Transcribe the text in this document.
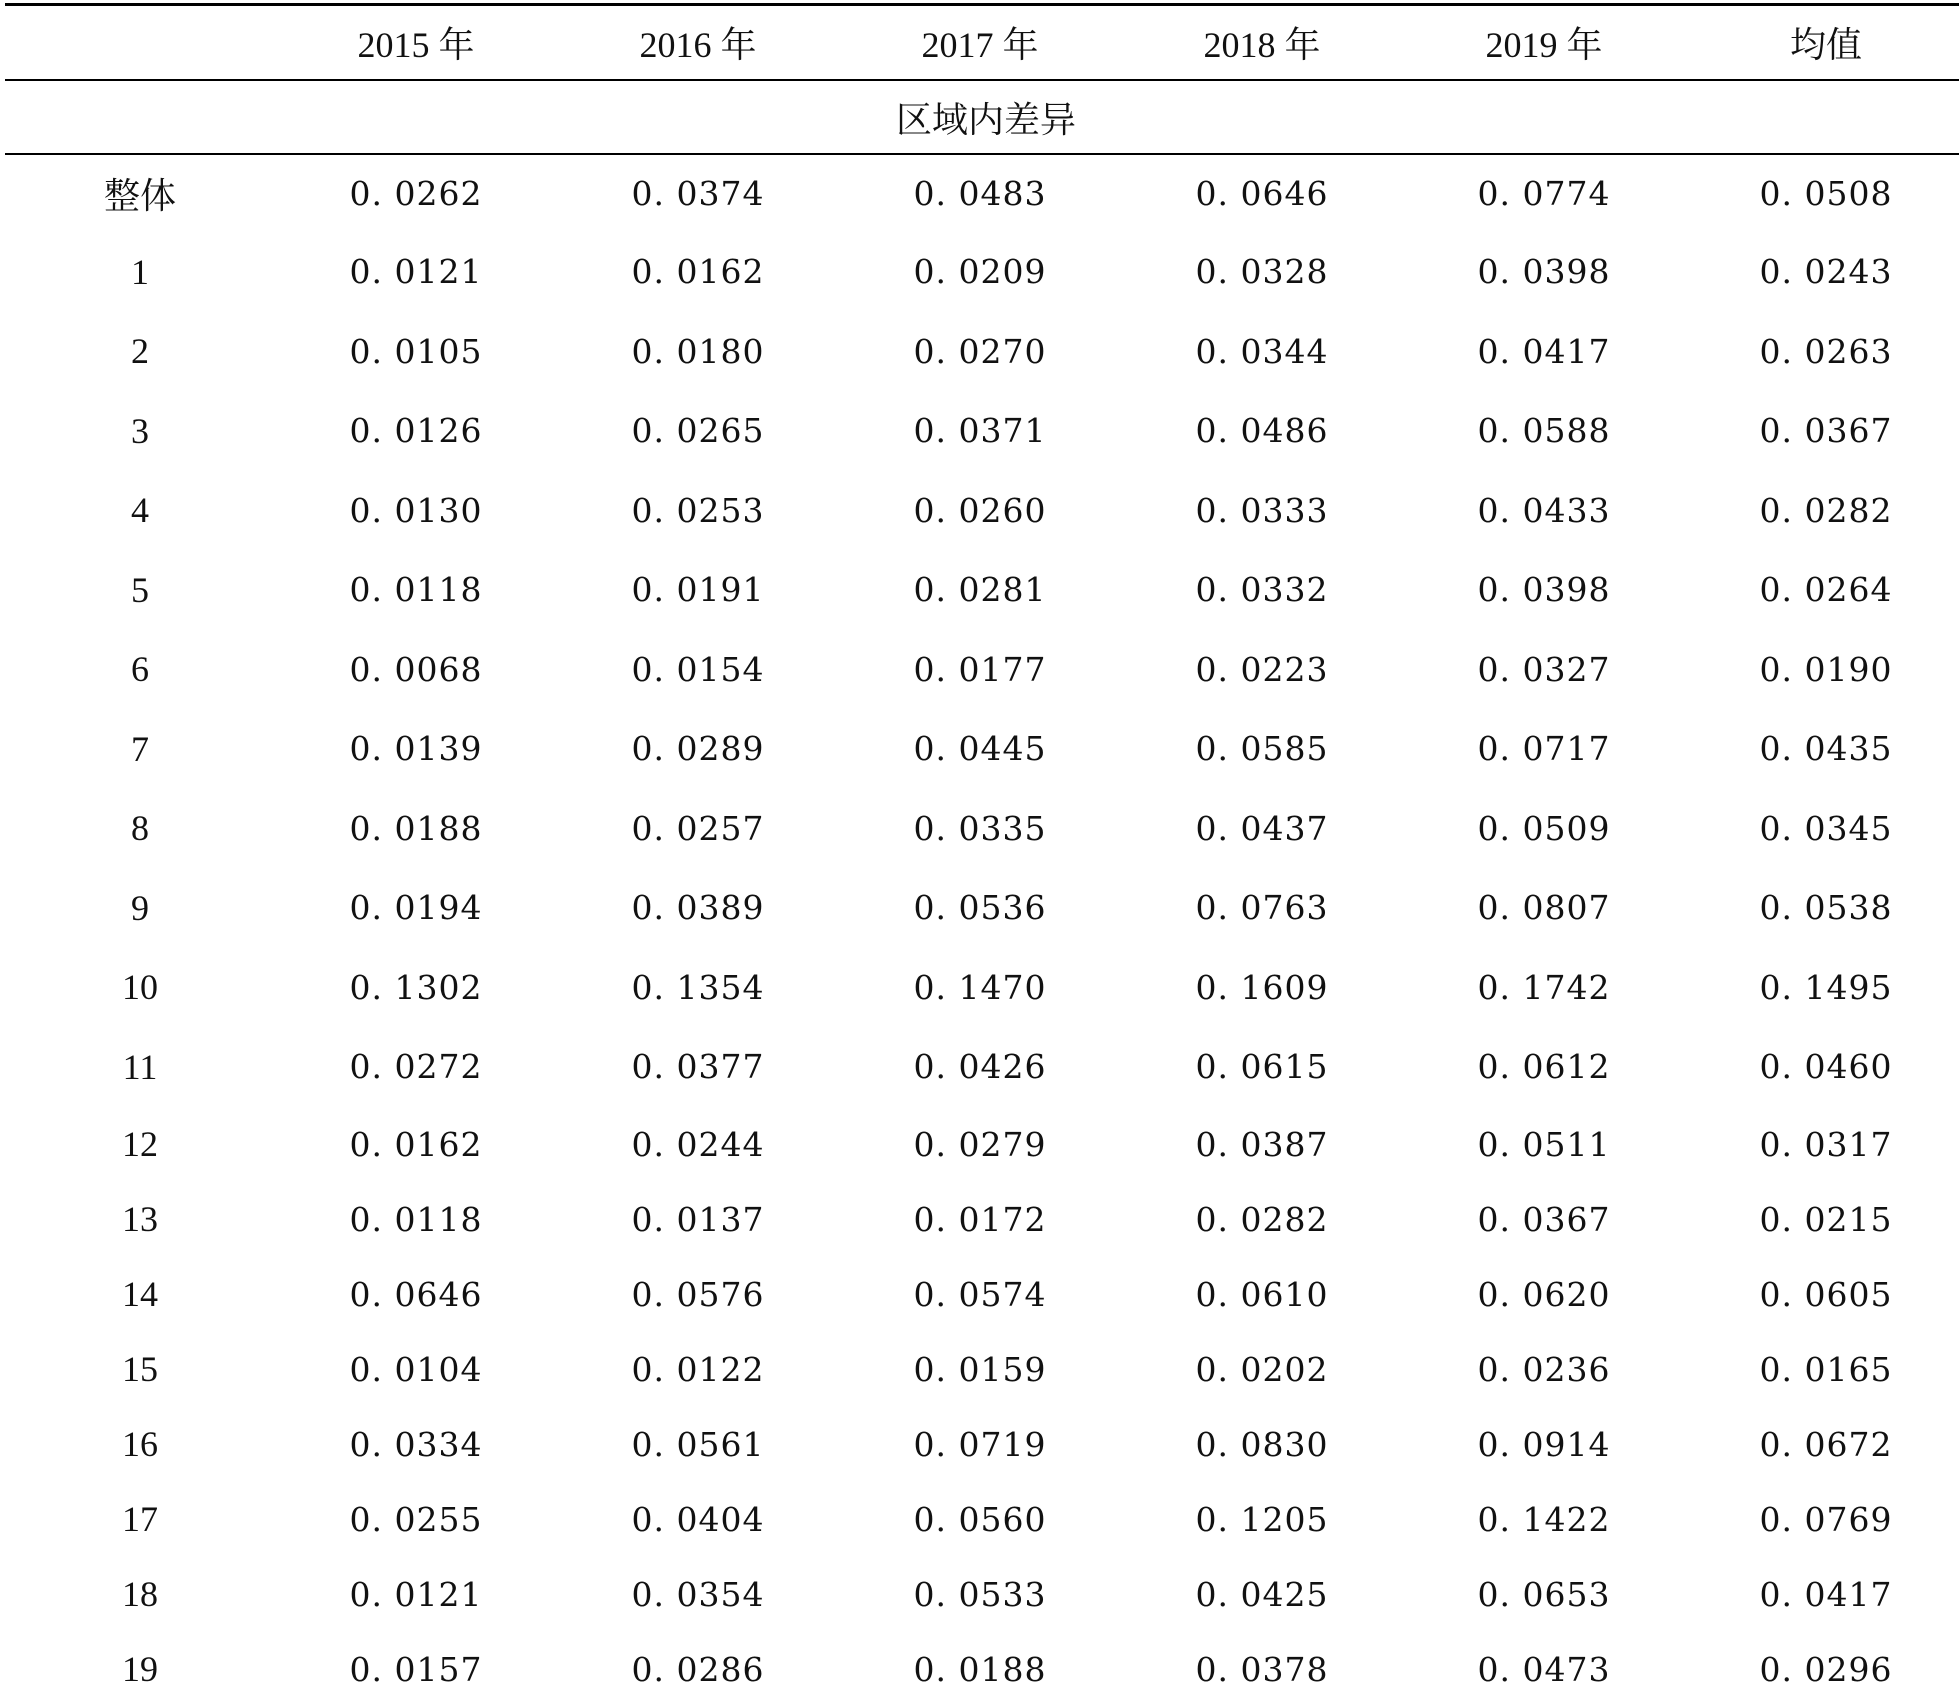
	2015 年	2016 年	2017 年	2018 年	2019 年	均值
区域内差异						
整体	0. 0262	0. 0374	0. 0483	0. 0646	0. 0774	0. 0508
1	0. 0121	0. 0162	0. 0209	0. 0328	0. 0398	0. 0243
2	0. 0105	0. 0180	0. 0270	0. 0344	0. 0417	0. 0263
3	0. 0126	0. 0265	0. 0371	0. 0486	0. 0588	0. 0367
4	0. 0130	0. 0253	0. 0260	0. 0333	0. 0433	0. 0282
5	0. 0118	0. 0191	0. 0281	0. 0332	0. 0398	0. 0264
6	0. 0068	0. 0154	0. 0177	0. 0223	0. 0327	0. 0190
7	0. 0139	0. 0289	0. 0445	0. 0585	0. 0717	0. 0435
8	0. 0188	0. 0257	0. 0335	0. 0437	0. 0509	0. 0345
9	0. 0194	0. 0389	0. 0536	0. 0763	0. 0807	0. 0538
10	0. 1302	0. 1354	0. 1470	0. 1609	0. 1742	0. 1495
11	0. 0272	0. 0377	0. 0426	0. 0615	0. 0612	0. 0460
12	0. 0162	0. 0244	0. 0279	0. 0387	0. 0511	0. 0317
13	0. 0118	0. 0137	0. 0172	0. 0282	0. 0367	0. 0215
14	0. 0646	0. 0576	0. 0574	0. 0610	0. 0620	0. 0605
15	0. 0104	0. 0122	0. 0159	0. 0202	0. 0236	0. 0165
16	0. 0334	0. 0561	0. 0719	0. 0830	0. 0914	0. 0672
17	0. 0255	0. 0404	0. 0560	0. 1205	0. 1422	0. 0769
18	0. 0121	0. 0354	0. 0533	0. 0425	0. 0653	0. 0417
19	0. 0157	0. 0286	0. 0188	0. 0378	0. 0473	0. 0296
